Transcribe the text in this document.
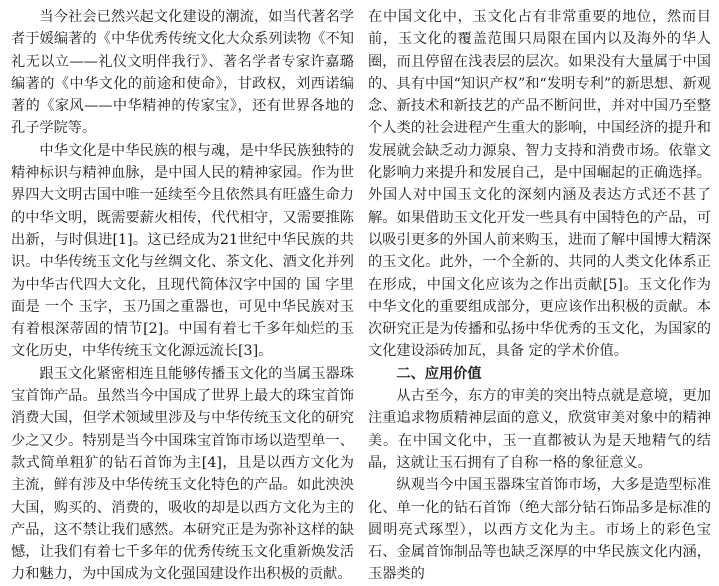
当今社会已然兴起文化建设的潮流，如当代著名学者于媛编著的《中华优秀传统文化大众系列读物《不知礼无以立——礼仪文明伴我行》、著名学者专家许嘉璐编著的《中华文化的前途和使命》，甘政权，刘西诺编著的《家风——中华精神的传家宝》，还有世界各地的孔子学院等。

中华文化是中华民族的根与魂，是中华民族独特的精神标识与精神血脉，是中国人民的精神家园。作为世界四大文明古国中唯一延续至今且依然具有旺盛生命力的中华文明，既需要薪火相传，代代相守，又需要推陈出新，与时俱进[1]。这已经成为21世纪中华民族的共识。中华传统玉文化与丝绸文化、茶文化、酒文化并列为中华古代四大文化，且现代简体汉字中国的 国 字里面是 一个 玉字，玉乃国之重器也，可见中华民族对玉有着根深蒂固的情节[2]。中国有着七千多年灿烂的玉文化历史，中华传统玉文化源远流长[3]。

跟玉文化紧密相连且能够传播玉文化的当属玉器珠宝首饰产品。虽然当今中国成了世界上最大的珠宝首饰消费大国，但学术领域里涉及与中华传统玉文化的研究少之又少。特别是当今中国珠宝首饰市场以造型单一、款式简单粗犷的钻石首饰为主[4]，且是以西方文化为主流，鲜有涉及中华传统玉文化特色的产品。如此泱泱大国，购买的、消费的，吸收的却是以西方文化为主的产品，这不禁让我们感然。本研究正是为弥补这样的缺憾，让我们有着七千多年的优秀传统玉文化重新焕发活力和魅力，为中国成为文化强国建设作出积极的贡献。

在中国文化中，玉文化占有非常重要的地位，然而目前，玉文化的覆盖范围只局限在国内以及海外的华人圈，而且停留在浅表层的层次。如果没有大量属于中国的、具有中国“知识产权”和“发明专利”的新思想、新观念、新技术和新技艺的产品不断问世，并对中国乃至整个人类的社会进程产生重大的影响，中国经济的提升和发展就会缺乏动力源泉、智力支持和消费市场。依靠文化影响力来提升和发展自己，是中国崛起的正确选择。外国人对中国玉文化的深刻内涵及表达方式还不甚了解。如果借助玉文化开发一些具有中国特色的产品，可以吸引更多的外国人前来购玉，进而了解中国博大精深的玉文化。此外，一个全新的、共同的人类文化体系正在形成，中国文化应该为之作出贡献[5]。玉文化作为中华文化的重要组成部分，更应该作出积极的贡献。本次研究正是为传播和弘扬中华优秀的玉文化，为国家的文化建设添砖加瓦，具备 定的学术价值。

二、应用价值

从古至今，东方的审美的突出特点就是意境，更加注重追求物质精神层面的意义，欣赏审美对象中的精神美。在中国文化中，玉一直都被认为是天地精气的结晶，这就让玉石拥有了自称一格的象征意义。

纵观当今中国玉器珠宝首饰市场，大多是造型标准化、单一化的钻石首饰（绝大部分钻石饰品多是标准的圆明亮式琢型），以西方文化为主。市场上的彩色宝石、金属首饰制品等也缺乏深厚的中华民族文化内涵，玉器类的
